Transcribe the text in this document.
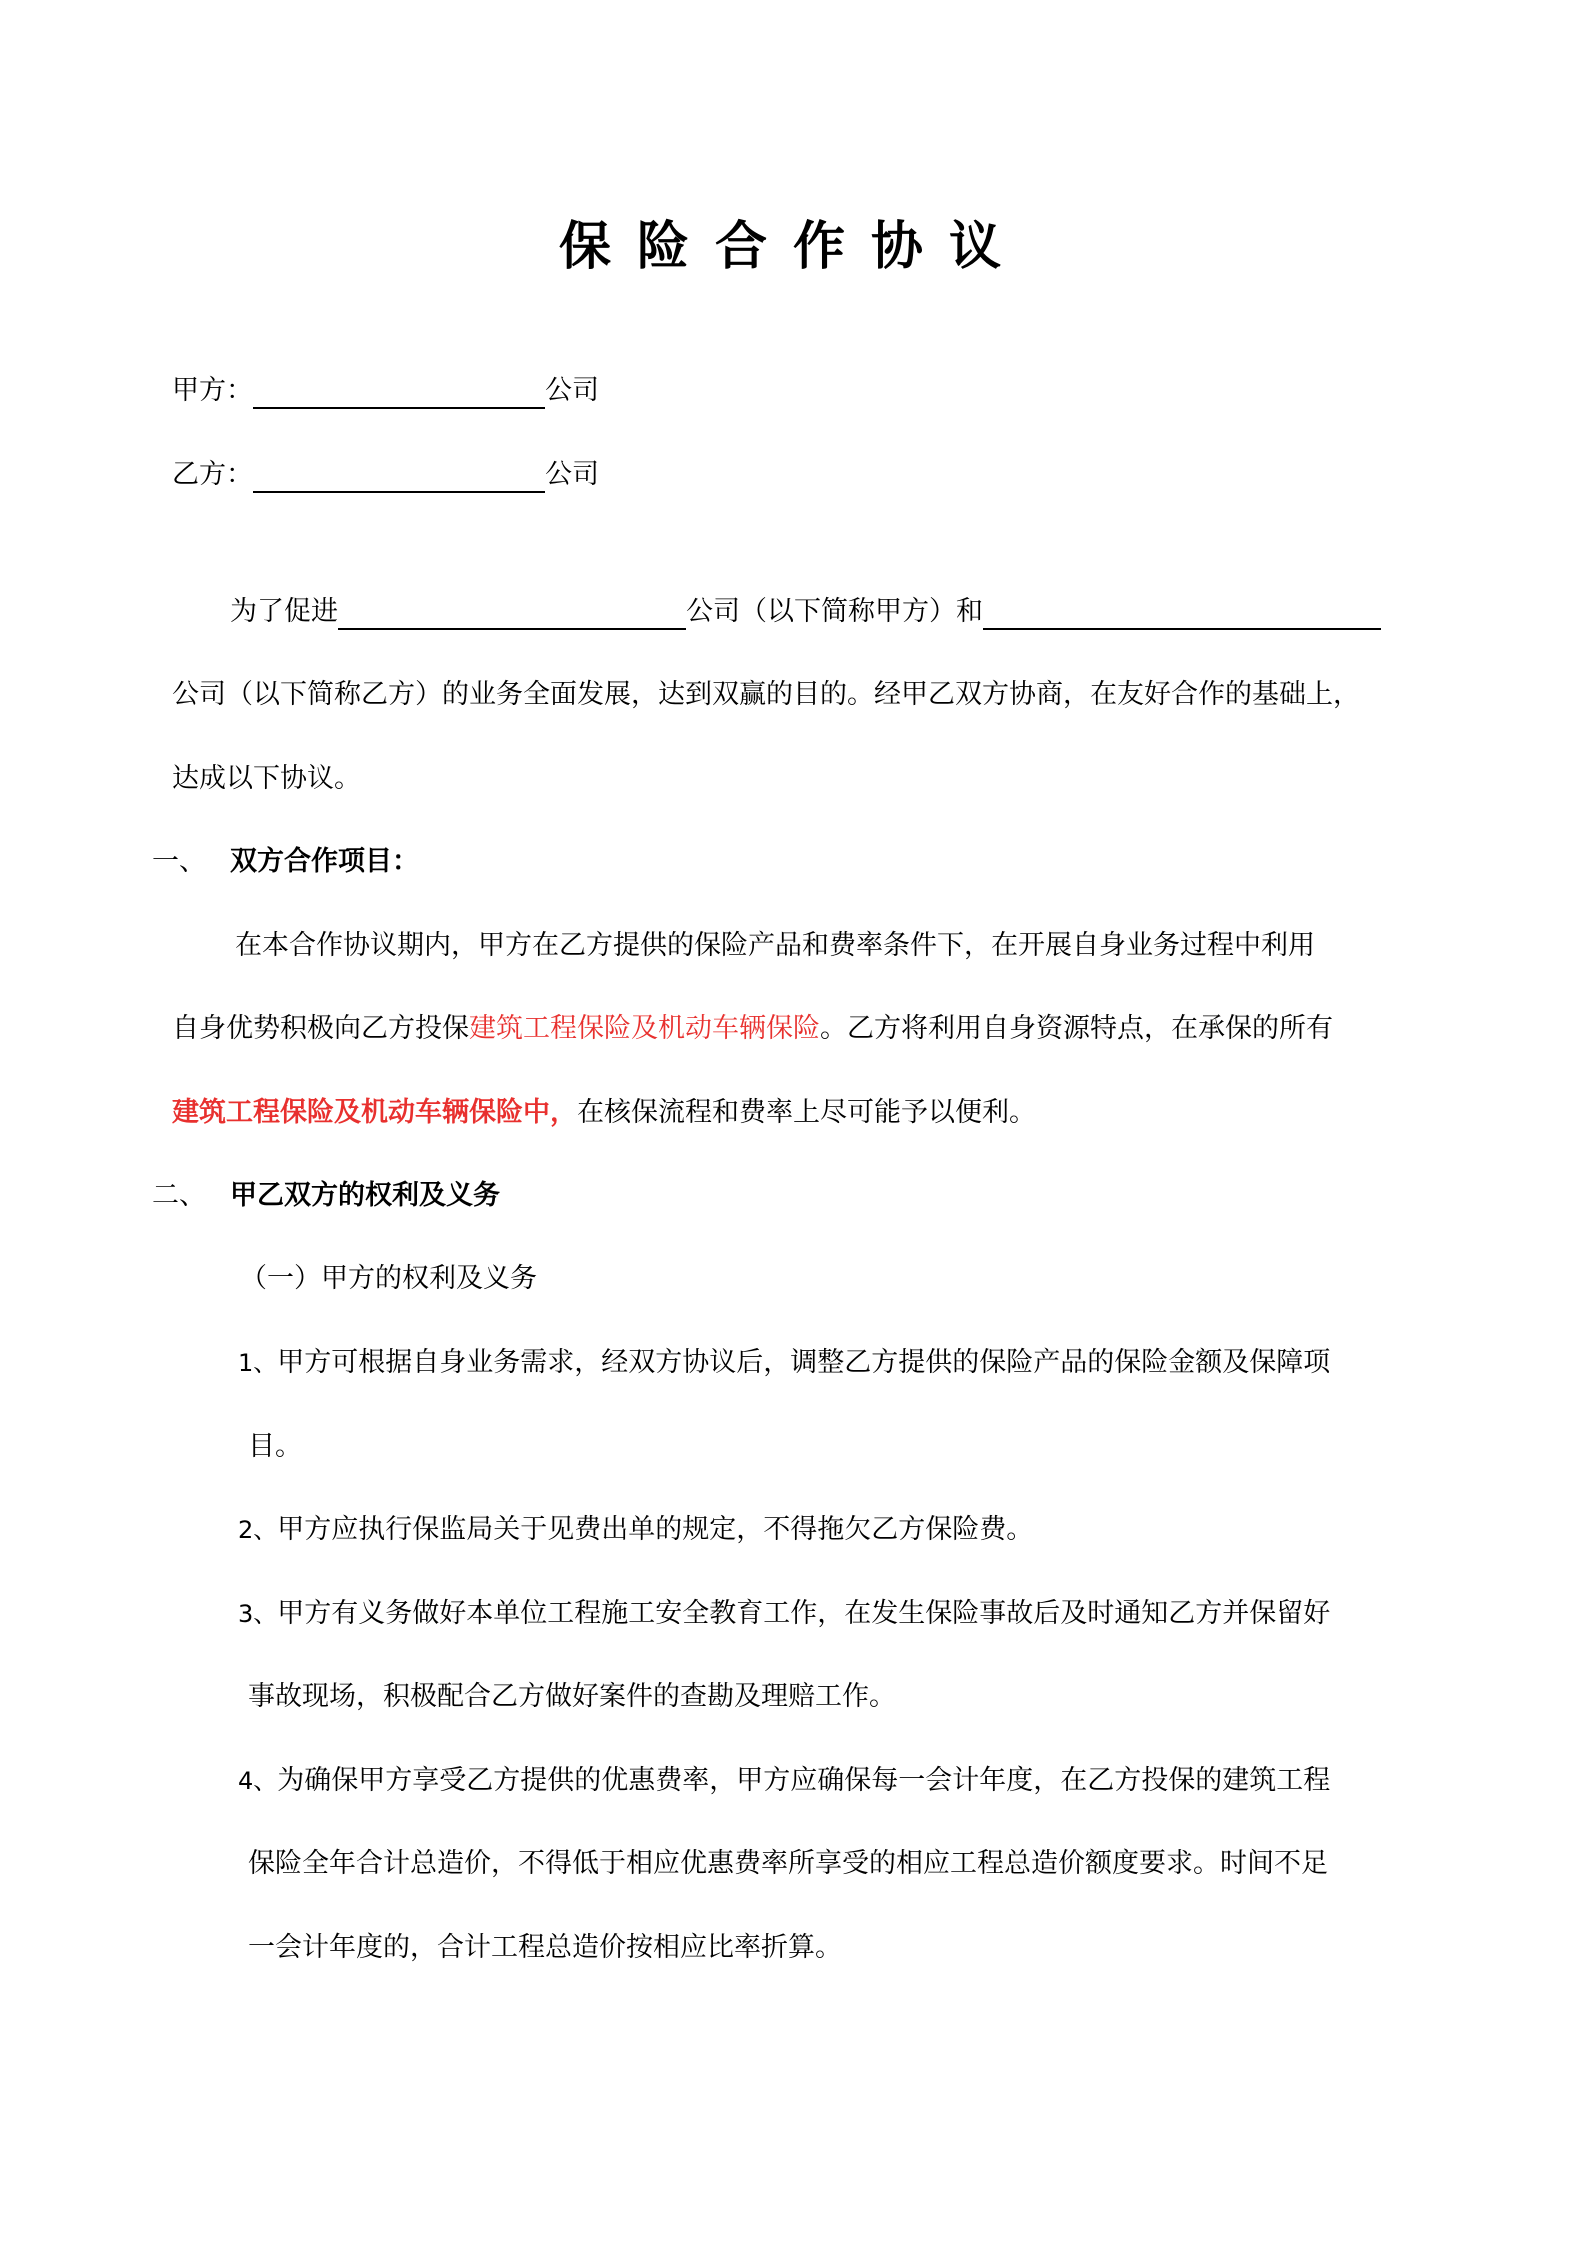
保险合作协议
甲方：	公司
乙方：	公司
为了促进	公司（以下简称甲方）和
公司（以下简称乙方）的业务全面发展，达到双赢的目的。经甲乙双方协商，在友好合作的基础上，
达成以下协议。
一、 双方合作项目：
在本合作协议期内，甲方在乙方提供的保险产品和费率条件下，在开展自身业务过程中利用
自身优势积极向乙方投保建筑工程保险及机动车辆保险。乙方将利用自身资源特点，在承保的所有
建筑工程保险及机动车辆保险中，在核保流程和费率上尽可能予以便利。
二、 甲乙双方的权利及义务
（一）甲方的权利及义务
1、甲方可根据自身业务需求，经双方协议后，调整乙方提供的保险产品的保险金额及保障项
目。
2、甲方应执行保监局关于见费出单的规定，不得拖欠乙方保险费。
3、甲方有义务做好本单位工程施工安全教育工作，在发生保险事故后及时通知乙方并保留好
事故现场，积极配合乙方做好案件的查勘及理赔工作。
4、为确保甲方享受乙方提供的优惠费率，甲方应确保每一会计年度，在乙方投保的建筑工程
保险全年合计总造价，不得低于相应优惠费率所享受的相应工程总造价额度要求。时间不足
一会计年度的，合计工程总造价按相应比率折算。
